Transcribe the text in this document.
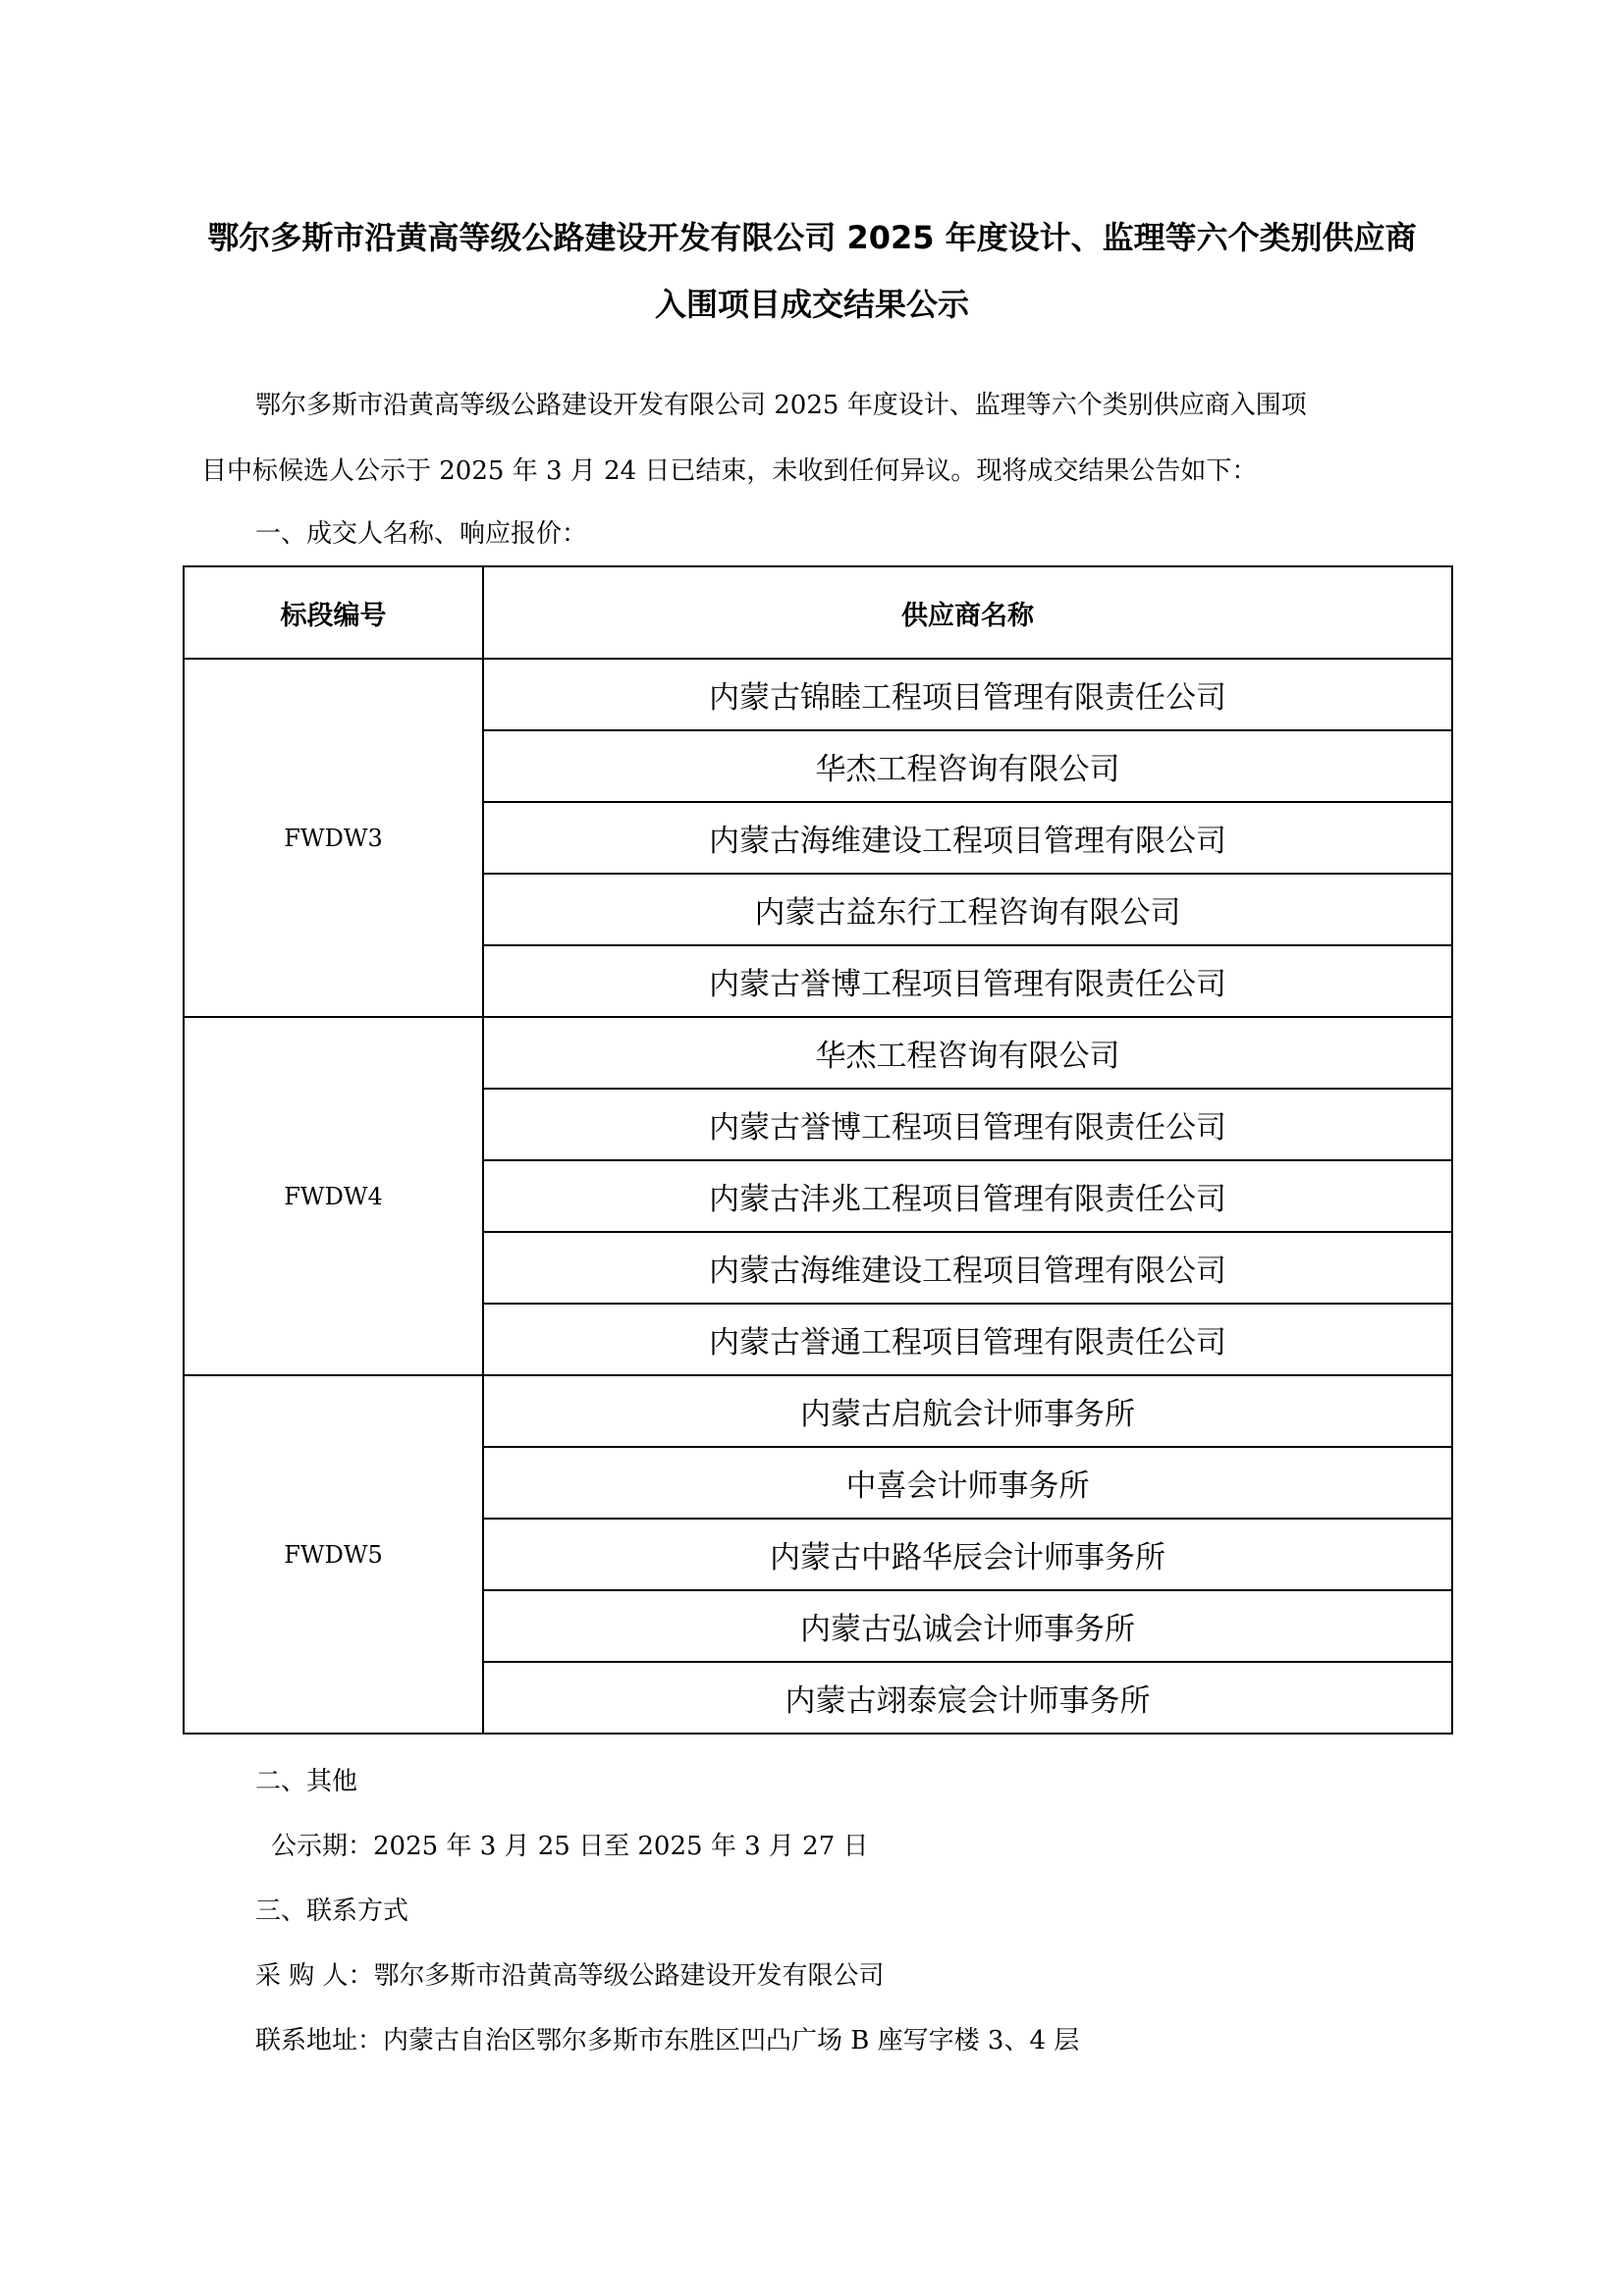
鄂尔多斯市沿黄高等级公路建设开发有限公司 2025 年度设计、监理等六个类别供应商
入围项目成交结果公示
鄂尔多斯市沿黄高等级公路建设开发有限公司 2025 年度设计、监理等六个类别供应商入围项
目中标候选人公示于 2025 年 3 月 24 日已结束，未收到任何异议。现将成交结果公告如下：
一、成交人名称、响应报价：
标段编号	供应商名称
FWDW3	内蒙古锦睦工程项目管理有限责任公司
	华杰工程咨询有限公司
	内蒙古海维建设工程项目管理有限公司
	内蒙古益东行工程咨询有限公司
	内蒙古誉博工程项目管理有限责任公司
FWDW4	华杰工程咨询有限公司
	内蒙古誉博工程项目管理有限责任公司
	内蒙古沣兆工程项目管理有限责任公司
	内蒙古海维建设工程项目管理有限公司
	内蒙古誉通工程项目管理有限责任公司
FWDW5	内蒙古启航会计师事务所
	中喜会计师事务所
	内蒙古中路华辰会计师事务所
	内蒙古弘诚会计师事务所
	内蒙古翊泰宸会计师事务所
二、其他
公示期：2025 年 3 月 25 日至 2025 年 3 月 27 日
三、联系方式
采 购 人：鄂尔多斯市沿黄高等级公路建设开发有限公司
联系地址：内蒙古自治区鄂尔多斯市东胜区凹凸广场 B 座写字楼 3、4 层
